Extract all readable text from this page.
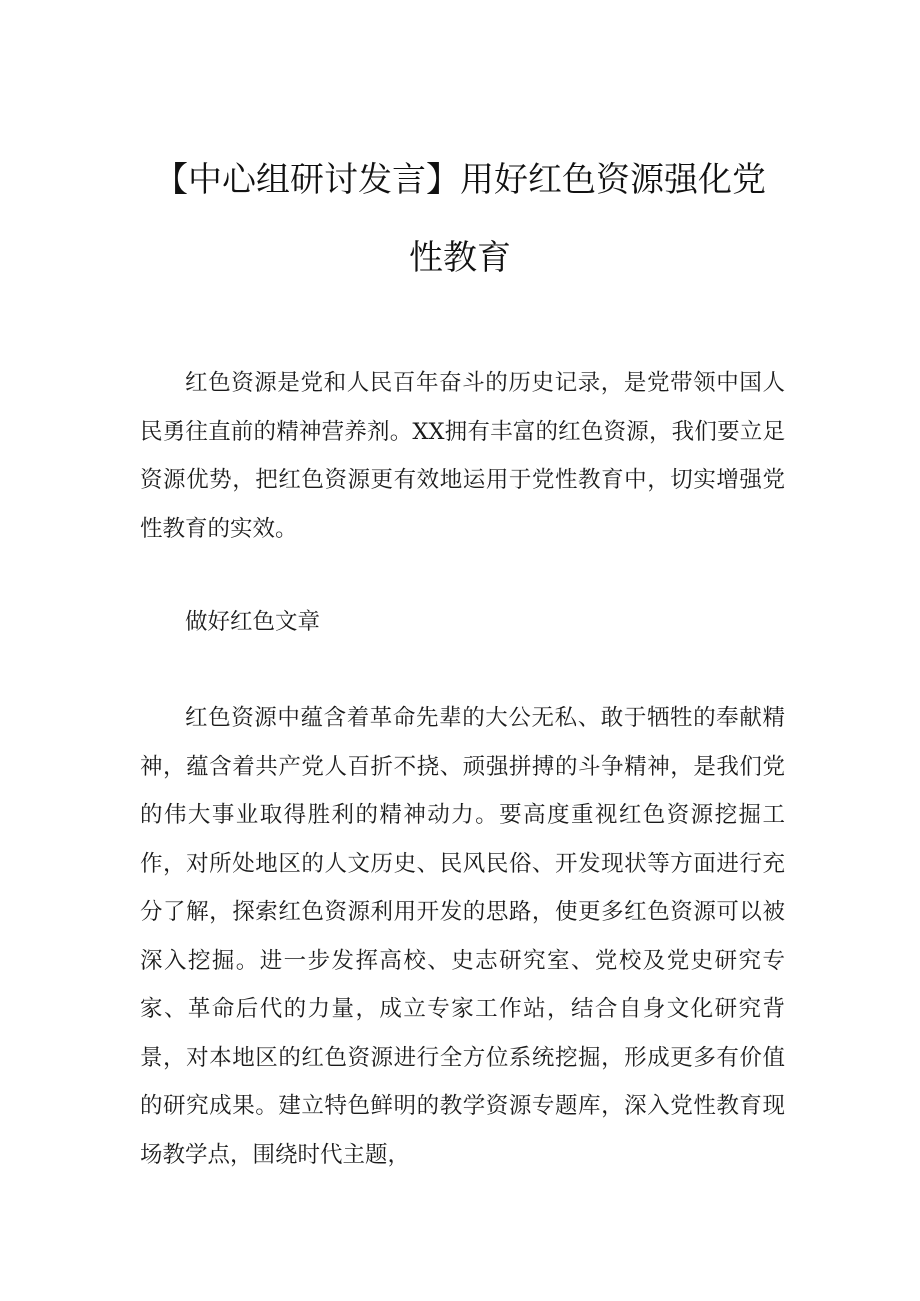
【中心组研讨发言】用好红色资源强化党
性教育

红色资源是党和人民百年奋斗的历史记录，是党带领中国人民勇往直前的精神营养剂。XX拥有丰富的红色资源，我们要立足资源优势，把红色资源更有效地运用于党性教育中，切实增强党性教育的实效。

做好红色文章

红色资源中蕴含着革命先辈的大公无私、敢于牺牲的奉献精神，蕴含着共产党人百折不挠、顽强拼搏的斗争精神，是我们党的伟大事业取得胜利的精神动力。要高度重视红色资源挖掘工作，对所处地区的人文历史、民风民俗、开发现状等方面进行充分了解，探索红色资源利用开发的思路，使更多红色资源可以被深入挖掘。进一步发挥高校、史志研究室、党校及党史研究专家、革命后代的力量，成立专家工作站，结合自身文化研究背景，对本地区的红色资源进行全方位系统挖掘，形成更多有价值的研究成果。建立特色鲜明的教学资源专题库，深入党性教育现场教学点，围绕时代主题，
